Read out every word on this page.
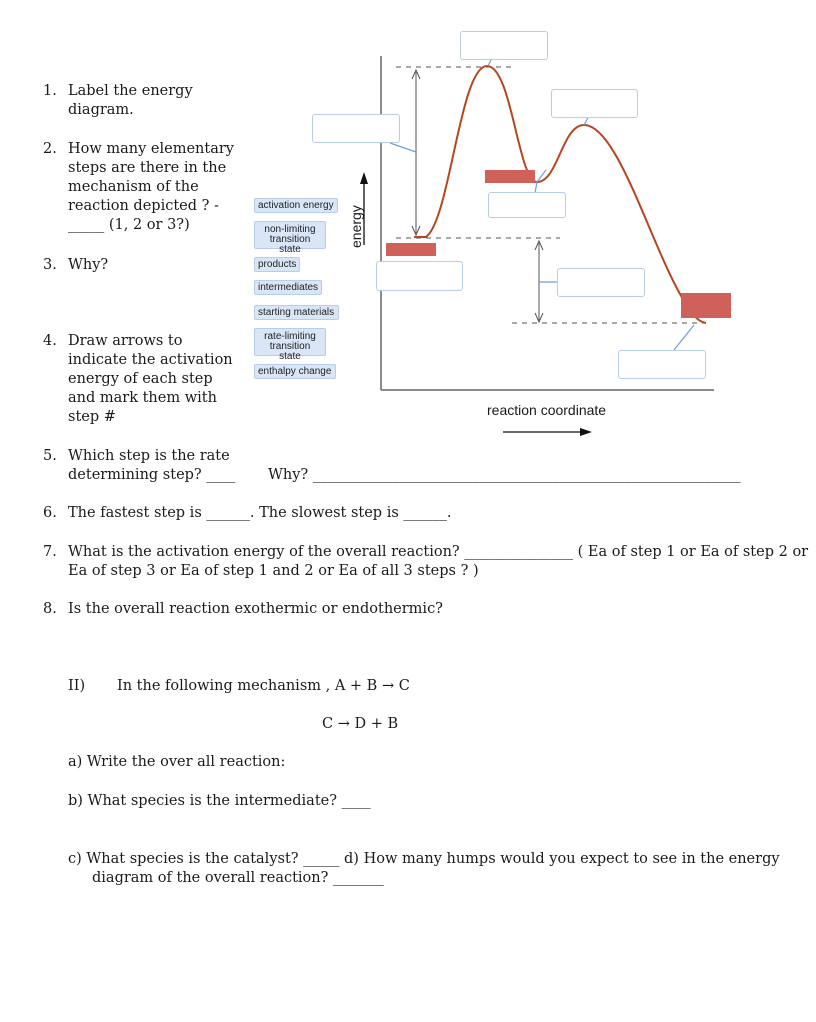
1. Label the energy
diagram.
2. How many elementary
steps are there in the
mechanism of the
reaction depicted ? -
_____ (1, 2 or 3?)
3. Why?
4. Draw arrows to
indicate the activation
energy of each step
and mark them with
step #
5. Which step is the rate
determining step? ____ Why? ___________________________________________________________
6. The fastest step is ______. The slowest step is ______.
7. What is the activation energy of the overall reaction? _______________ ( Ea of step 1 or Ea of step 2 or
Ea of step 3 or Ea of step 1 and 2 or Ea of all 3 steps ? )
8. Is the overall reaction exothermic or endothermic?
II) In the following mechanism , A + B → C
C → D + B
a) Write the over all reaction:
b) What species is the intermediate? ____
c) What species is the catalyst? _____ d) How many humps would you expect to see in the energy
diagram of the overall reaction? _______
activation energy
non-limiting
transition state
products
intermediates
starting materials
rate-limiting
transition state
enthalpy change
energy
reaction coordinate
